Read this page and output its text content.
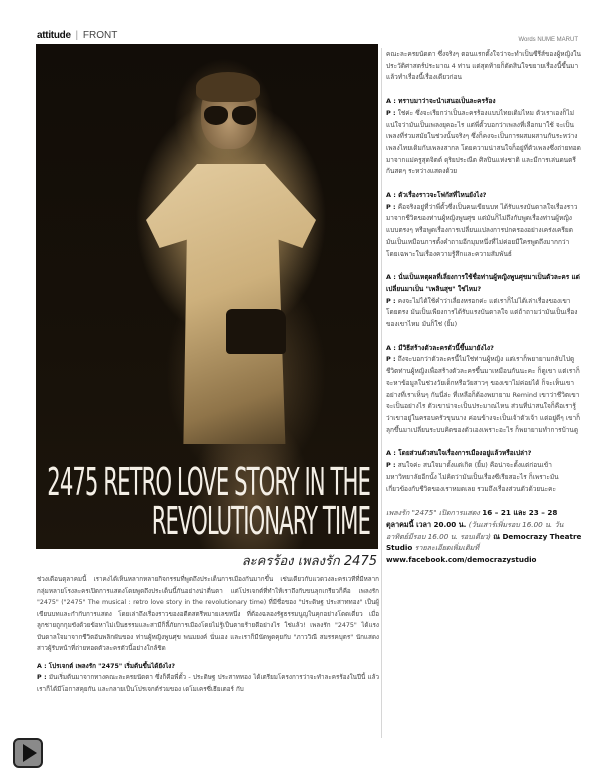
attitude | FRONT	Words NUME MARUT
2475 RETRO LOVE STORY IN THE
REVOLUTIONARY TIME
ละครร้อง เพลงรัก 2475

ช่วงเดือนตุลาคมนี้ เราคงได้เห็นหลากหลายกิจกรรมที่พูดถึงประเด็นการเมืองกันมากขึ้น เช่นเดียวกับแวดวงละครเวทีที่มีหลากกลุ่มหลายโรงละครเปิดการแสดงโดยพูดถึงประเด็นนี้กันอย่างน่าตื่นตา แต่โปรเจกต์ที่ทำให้เราถึงกับขนลุกเกรียวก็คือ เพลงรัก "2475" ("2475" The musical : retro love story in the revolutionary time) ที่มีชื่อของ "ประดิษฐ ประสาททอง" เป็นผู้เขียนบทและกำกับการแสดง โดยเล่าถึงเรื่องราวของอดีตสตรีหมายเลขหนึ่ง ที่ต้องฉลองรัฐธรรมนูญในคุกอย่างโดดเดี่ยว เมื่อลูกชายถูกกุมขังด้วยข้อหาไม่เป็นธรรมและสามีก็ลี้ภัยการเมืองโดยไม่รู้เป็นตายร้ายดีอย่างไร ใช่แล้ว! เพลงรัก "2475" ได้แรงบันดาลใจมาจากชีวิตอันพลิกผันของ ท่านผู้หญิงพูนศุข พนมยงค์ นั่นเอง และเราก็มีนัดพูดคุยกับ "ภาววิณี สมรรคบุตร" นักแสดงสาวผู้รับหน้าที่ถ่ายทอดตัวละครตัวนี้อย่างใกล้ชิด

A : โปรเจกต์ เพลงรัก "2475" เริ่มต้นขึ้นได้ยังไง?
P : มันเริ่มต้นมาจากทางคณะละครยนัดตา ซึ่งก็คือพี่ตั้ว - ประดิษฐ ประสาททอง ได้เตรียมโครงการว่าจะทำละครร้องในปีนี้ แล้วเราก็ได้มีโอกาสคุยกัน และกลายเป็นโปรเจกต์ร่วมของ เดโมเครซี่เธียเตอร์ กับ

คณะละครยนัดตา ซึ่งจริงๆ ตอนแรกตั้งใจว่าจะทำเป็นซีรีส์ของผู้หญิงในประวัติศาสตร์ประมาณ 4 ท่าน แต่สุดท้ายก็ตัดสินใจขยายเรื่องนี้ขึ้นมาแล้วทำเรื่องนี้เรื่องเดียวก่อน
A : ทราบมาว่าจะนำเสนอเป็นละครร้อง
P : ใช่ค่ะ ซึ่งจะเรียกว่าเป็นละครร้องแบบไทยเดิมไหม ตัวเราเองก็ไม่แน่ใจว่ามันเป็นเพลงยุคอะไร แต่พี่ตั้วบอกว่าเพลงที่เลือกมาใช้ จะเป็นเพลงที่ร่วมสมัยในช่วงนั้นจริงๆ ซึ่งก็คงจะเป็นการผสมผสานกันระหว่างเพลงไทยเดิมกับเพลงสากล โดยความน่าสนใจก็อยู่ที่ตัวเพลงซึ่งถ่ายทอดมาจากแม่ครูสุดจิตต์ ดุริยประณีต ศิลปินแห่งชาติ และมีการเล่นดนตรีกันสดๆ ระหว่างแสดงด้วย
A : ตัวเรื่องราวจะโฟกัสที่ไหนยังไง?
P : คือจริงอยู่ที่ว่าพี่ตั้วซึ่งเป็นคนเขียนบท ได้รับแรงบันดาลใจเรื่องราวมาจากชีวิตของท่านผู้หญิงพูนศุข แต่มันก็ไม่ถึงกับพูดเรื่องท่านผู้หญิงแบบตรงๆ หรือพูดเรื่องการเปลี่ยนแปลงการปกครองอย่างเคร่งเครียด มันเป็นเหมือนการตั้งคำถามอีกมุมหนึ่งที่ไม่ค่อยมีใครพูดถึงมากกว่า โดยเฉพาะในเรื่องความรู้สึกและความสัมพันธ์
A : นั่นเป็นเหตุผลที่เลี่ยงการใช้ชื่อท่านผู้หญิงพูนศุขมาเป็นตัวละคร แต่เปลี่ยนมาเป็น "เพลินสุข" ใช่ไหม?
P : คงจะไม่ได้ใช้คำว่าเลี่ยงหรอกค่ะ แต่เราก็ไม่ได้เล่าเรื่องของเขาโดยตรง มันเป็นเพียงการได้รับแรงบันดาลใจ แต่ถ้าถามว่ามันเป็นเรื่องของเขาไหม มันก็ใช่ (ยิ้ม)
A : มีวิธีสร้างตัวละครตัวนี้ขึ้นมายังไง?
P : ถึงจะบอกว่าตัวละครนี้ไม่ใช่ท่านผู้หญิง แต่เราก็พยายามกลับไปดูชีวิตท่านผู้หญิงเพื่อสร้างตัวละครขึ้นมาเหมือนกันนะคะ ก็ดูเขา แต่เราก็จะหาข้อมูลในช่วงวัยเด็กหรือวัยสาวๆ ของเขาไม่ค่อยได้ ก็จะเห็นเขาอย่างที่เราเห็นๆ กันนี่ล่ะ ที่เหลือก็ต้องพยายาม Remind เขาว่าชีวิตเขาจะเป็นอย่างไร ตัวเขาน่าจะเป็นประมาณไหน ส่วนที่น่าสนใจก็คือเรารู้ว่าเขาอยู่ในครอบครัวขุนนาง ค่อนข้างจะเป็นเจ้าตัวเจ้า แต่อยู่ดีๆ เขาก็ลุกขึ้นมาเปลี่ยนระบบคิดของตัวเองเพราะอะไร ก็พยายามทำการบ้านดู
A : โดยส่วนตัวสนใจเรื่องการเมืองอยู่แล้วหรือเปล่า?
P : สนใจค่ะ สนใจมาตั้งแต่เกิด (ยิ้ม) คือน่าจะตั้งแต่ก่อนเข้ามหาวิทยาลัยอีกนั้ง ไม่คิดว่ามันเป็นเรื่องซีเรียสอะไร ก็เพราะมันเกี่ยวข้องกับชีวิตของเราหมดเลย รวมถึงเรื่องส่วนตัวด้วยนะคะ
เพลงรัก "2475" เปิดการแสดง 16 – 21 และ 23 – 28 ตุลาคมนี้ เวลา 20.00 น. (วันเสาร์เพิ่มรอบ 16.00 น. วันอาทิตย์มีรอบ 16.00 น. รอบเดียว) ณ Democrazy Theatre Studio รายละเอียดเพิ่มเติมที่
www.facebook.com/democrazystudio
